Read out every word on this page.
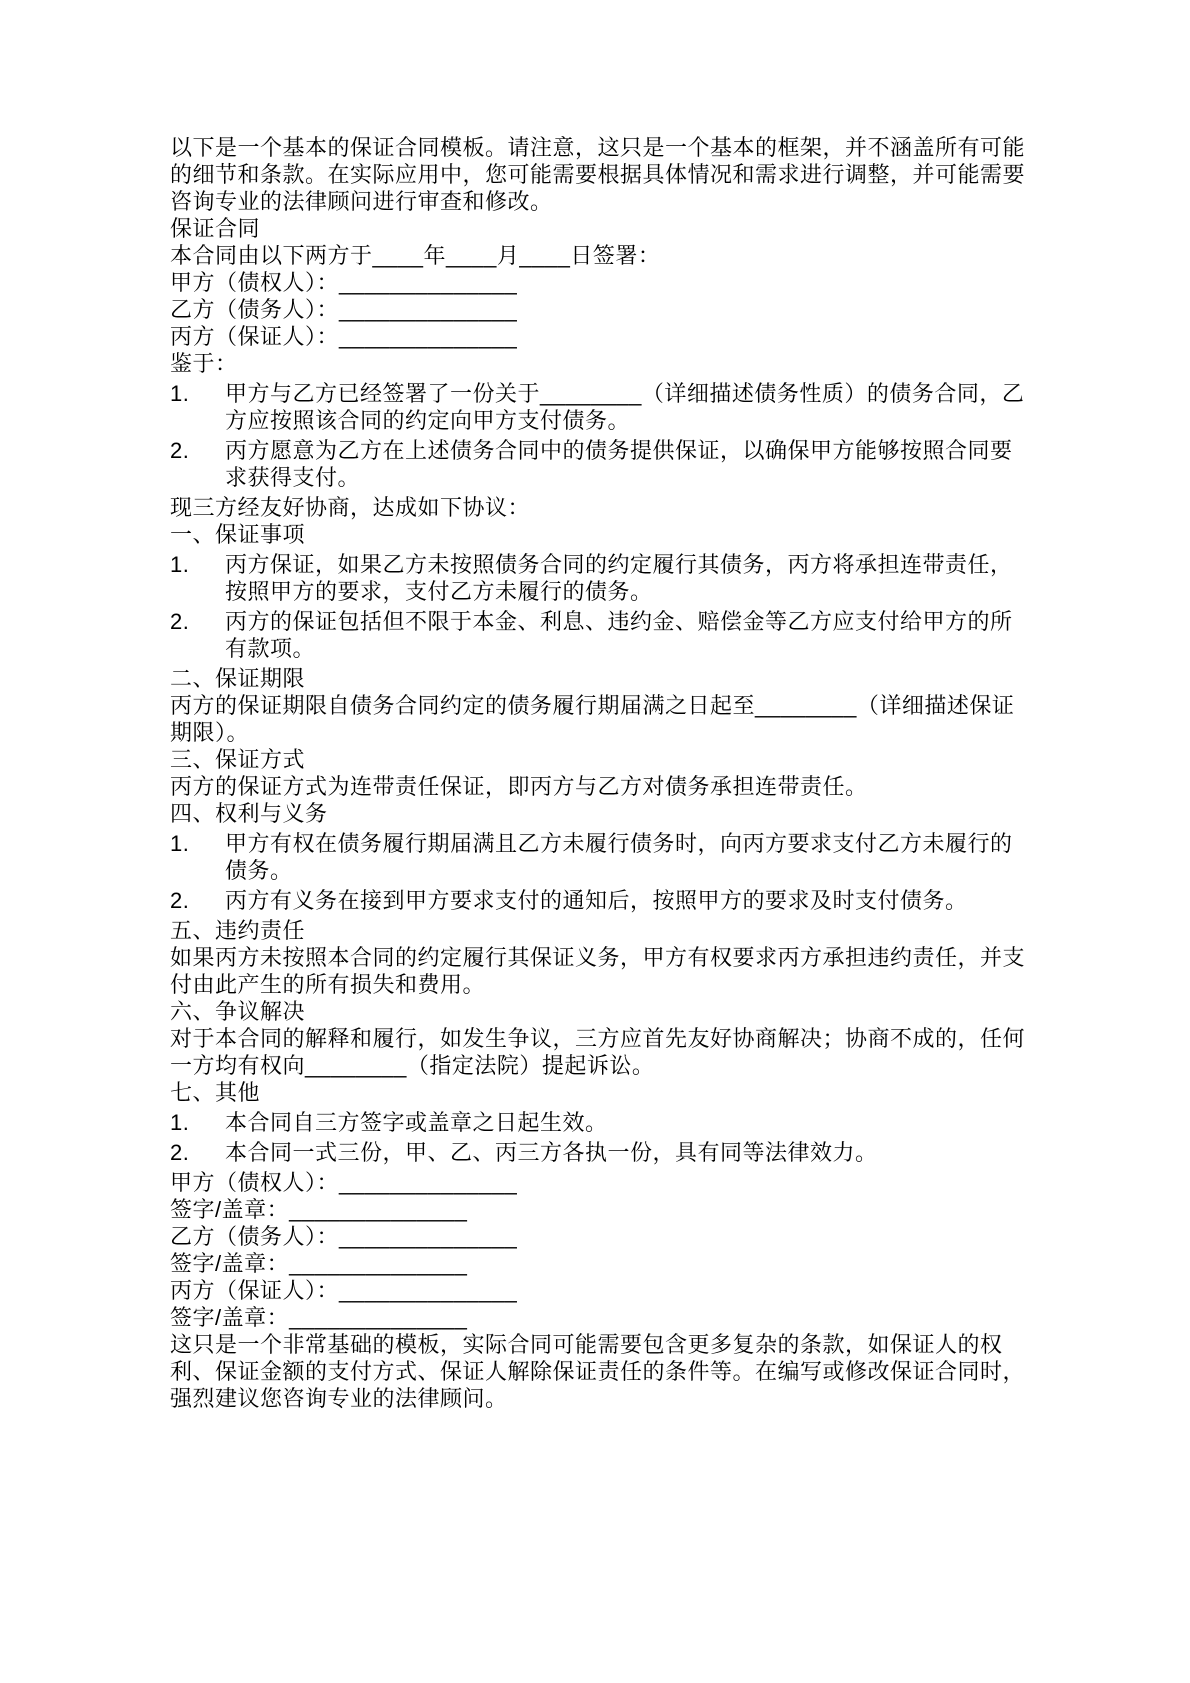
以下是一个基本的保证合同模板。请注意，这只是一个基本的框架，并不涵盖所有可能的细节和条款。在实际应用中，您可能需要根据具体情况和需求进行调整，并可能需要咨询专业的法律顾问进行审查和修改。

保证合同

本合同由以下两方于____年____月____日签署：

甲方（债权人）：______________

乙方（债务人）：______________

丙方（保证人）：______________

鉴于：

1.	甲方与乙方已经签署了一份关于________（详细描述债务性质）的债务合同，乙方应按照该合同的约定向甲方支付债务。
2.	丙方愿意为乙方在上述债务合同中的债务提供保证，以确保甲方能够按照合同要求获得支付。

现三方经友好协商，达成如下协议：

一、保证事项

1.	丙方保证，如果乙方未按照债务合同的约定履行其债务，丙方将承担连带责任，按照甲方的要求，支付乙方未履行的债务。
2.	丙方的保证包括但不限于本金、利息、违约金、赔偿金等乙方应支付给甲方的所有款项。

二、保证期限

丙方的保证期限自债务合同约定的债务履行期届满之日起至________（详细描述保证期限）。

三、保证方式

丙方的保证方式为连带责任保证，即丙方与乙方对债务承担连带责任。

四、权利与义务

1.	甲方有权在债务履行期届满且乙方未履行债务时，向丙方要求支付乙方未履行的债务。
2.	丙方有义务在接到甲方要求支付的通知后，按照甲方的要求及时支付债务。

五、违约责任

如果丙方未按照本合同的约定履行其保证义务，甲方有权要求丙方承担违约责任，并支付由此产生的所有损失和费用。

六、争议解决

对于本合同的解释和履行，如发生争议，三方应首先友好协商解决；协商不成的，任何一方均有权向________（指定法院）提起诉讼。

七、其他

1.	本合同自三方签字或盖章之日起生效。
2.	本合同一式三份，甲、乙、丙三方各执一份，具有同等法律效力。

甲方（债权人）：______________

签字/盖章：______________

乙方（债务人）：______________

签字/盖章：______________

丙方（保证人）：______________

签字/盖章：______________

这只是一个非常基础的模板，实际合同可能需要包含更多复杂的条款，如保证人的权利、保证金额的支付方式、保证人解除保证责任的条件等。在编写或修改保证合同时，强烈建议您咨询专业的法律顾问。
